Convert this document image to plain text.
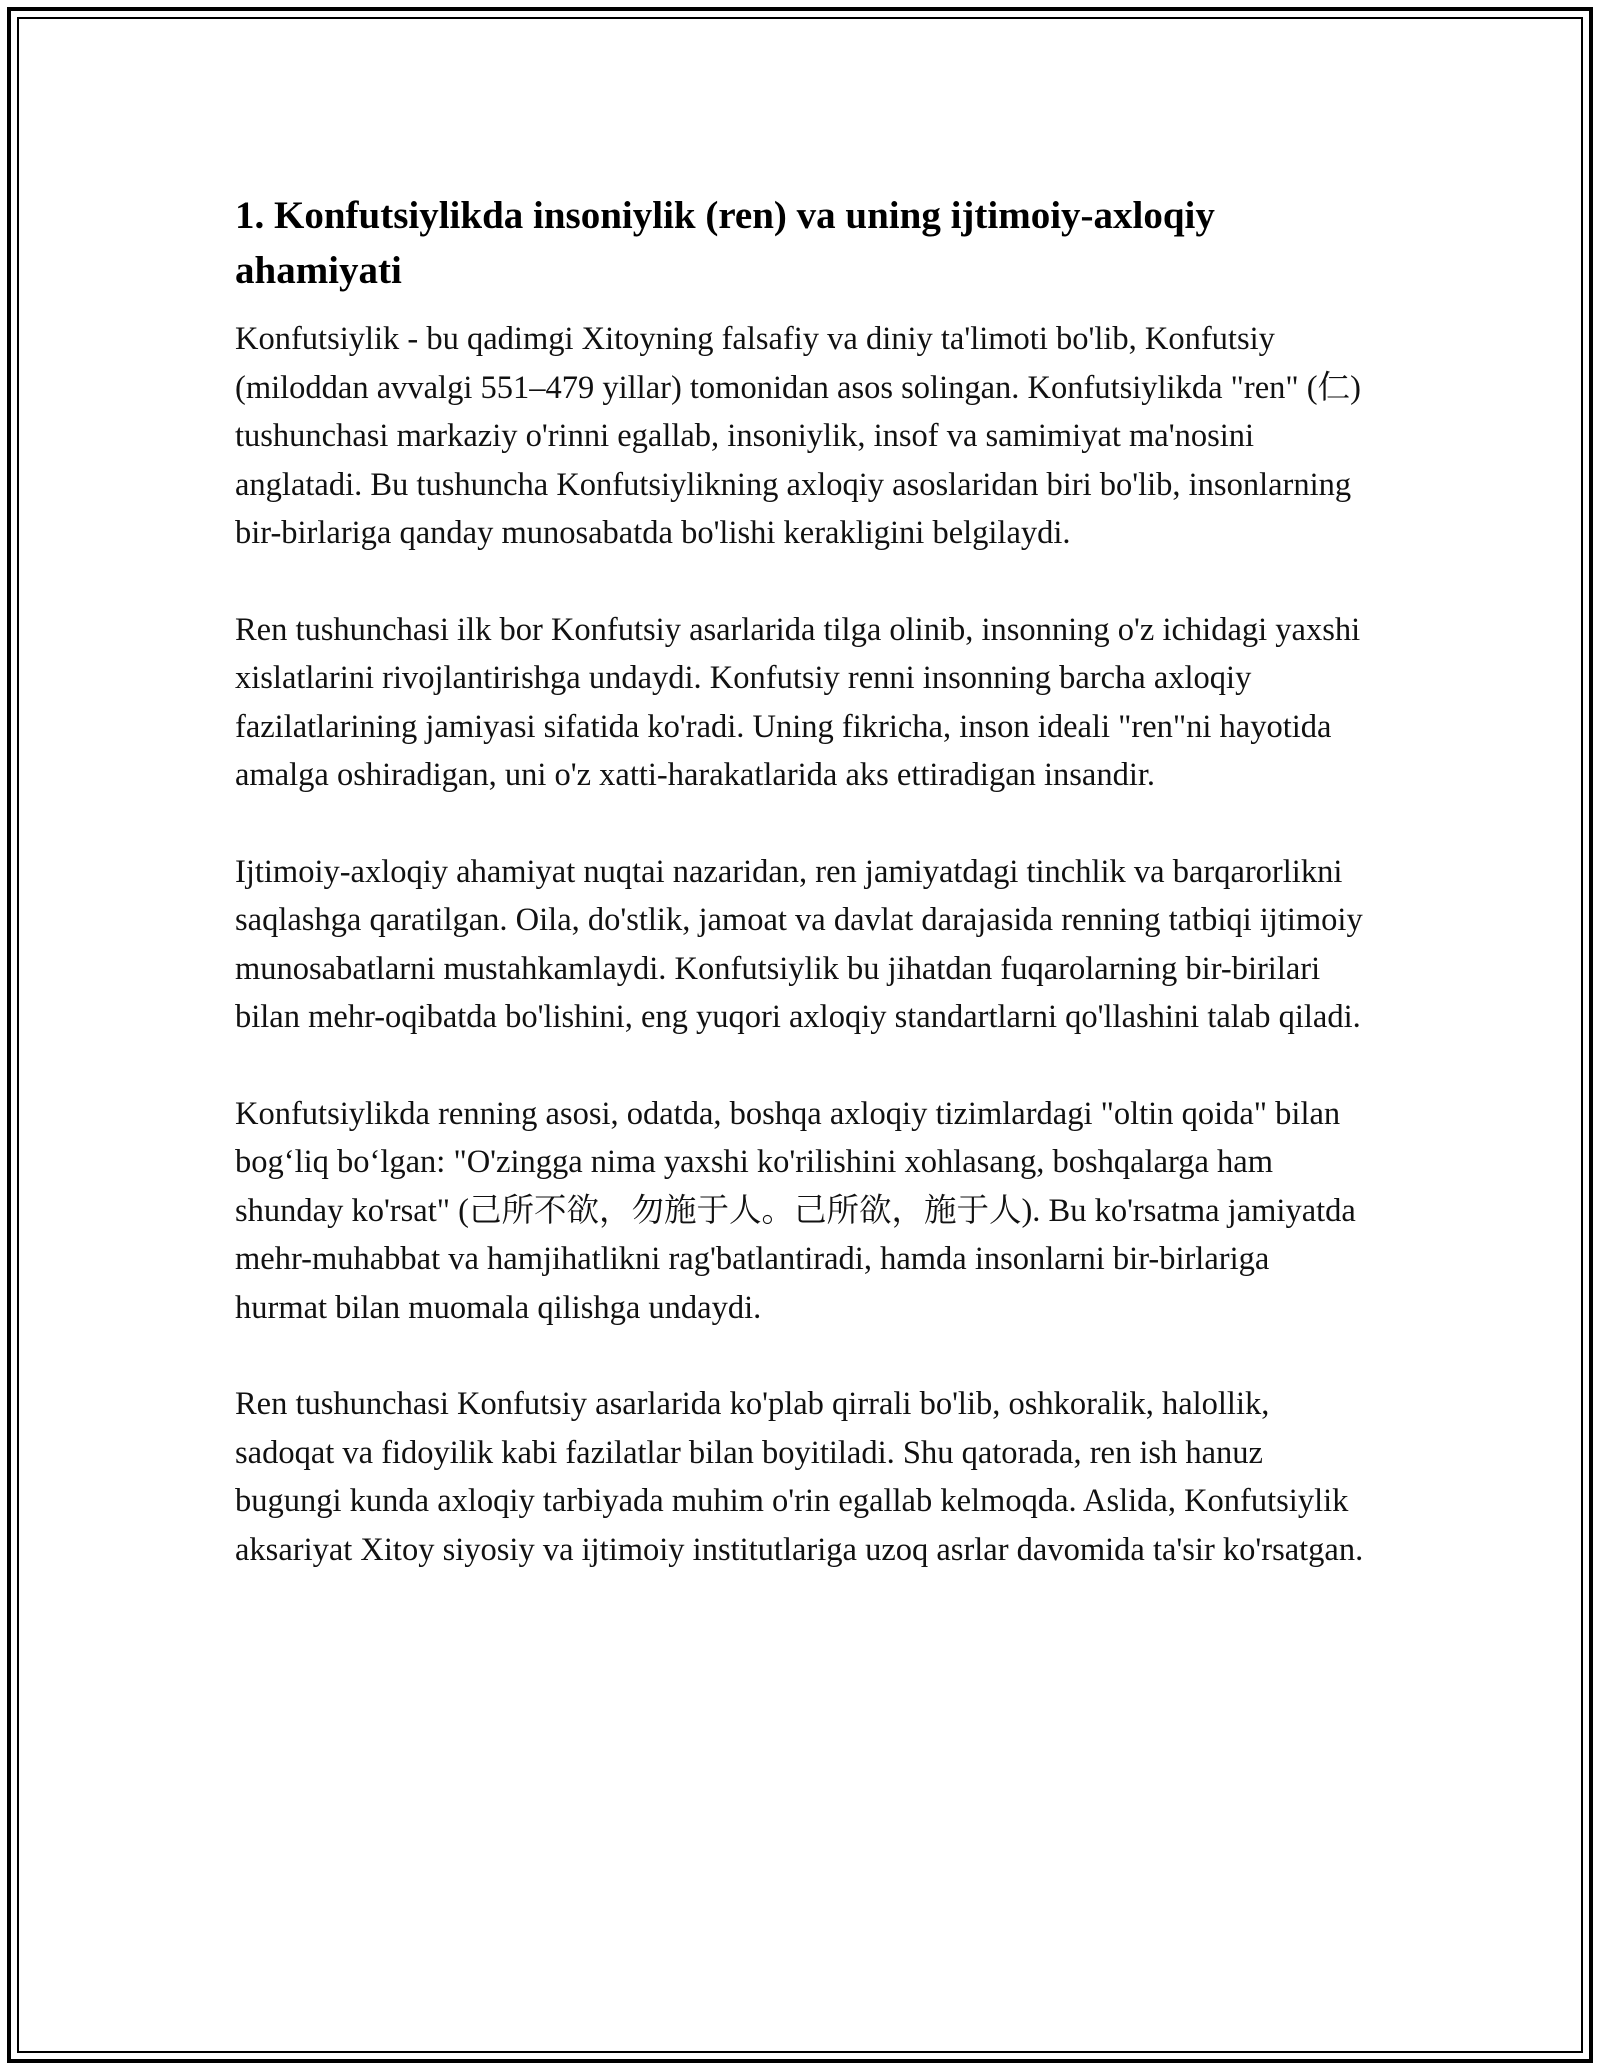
1. Konfutsiylikda insoniylik (ren) va uning ijtimoiy-axloqiy ahamiyati

Konfutsiylik - bu qadimgi Xitoyning falsafiy va diniy ta'limoti bo'lib, Konfutsiy (miloddan avvalgi 551–479 yillar) tomonidan asos solingan. Konfutsiylikda "ren" (仁) tushunchasi markaziy o'rinni egallab, insoniylik, insof va samimiyat ma'nosini anglatadi. Bu tushuncha Konfutsiylikning axloqiy asoslaridan biri bo'lib, insonlarning bir-birlariga qanday munosabatda bo'lishi kerakligini belgilaydi.

Ren tushunchasi ilk bor Konfutsiy asarlarida tilga olinib, insonning o'z ichidagi yaxshi xislatlarini rivojlantirishga undaydi. Konfutsiy renni insonning barcha axloqiy fazilatlarining jamiyasi sifatida ko'radi. Uning fikricha, inson ideali "ren"ni hayotida amalga oshiradigan, uni o'z xatti-harakatlarida aks ettiradigan insandir.

Ijtimoiy-axloqiy ahamiyat nuqtai nazaridan, ren jamiyatdagi tinchlik va barqarorlikni saqlashga qaratilgan. Oila, do'stlik, jamoat va davlat darajasida renning tatbiqi ijtimoiy munosabatlarni mustahkamlaydi. Konfutsiylik bu jihatdan fuqarolarning bir-birilari bilan mehr-oqibatda bo'lishini, eng yuqori axloqiy standartlarni qo'llashini talab qiladi.

Konfutsiylikda renning asosi, odatda, boshqa axloqiy tizimlardagi "oltin qoida" bilan bog‘liq bo‘lgan: "O'zingga nima yaxshi ko'rilishini xohlasang, boshqalarga ham shunday ko'rsat" (己所不欲，勿施于人。己所欲，施于人). Bu ko'rsatma jamiyatda mehr-muhabbat va hamjihatlikni rag'batlantiradi, hamda insonlarni bir-birlariga hurmat bilan muomala qilishga undaydi.

Ren tushunchasi Konfutsiy asarlarida ko'plab qirrali bo'lib, oshkoralik, halollik, sadoqat va fidoyilik kabi fazilatlar bilan boyitiladi. Shu qatorada, ren ish hanuz bugungi kunda axloqiy tarbiyada muhim o'rin egallab kelmoqda. Aslida, Konfutsiylik aksariyat Xitoy siyosiy va ijtimoiy institutlariga uzoq asrlar davomida ta'sir ko'rsatgan.
